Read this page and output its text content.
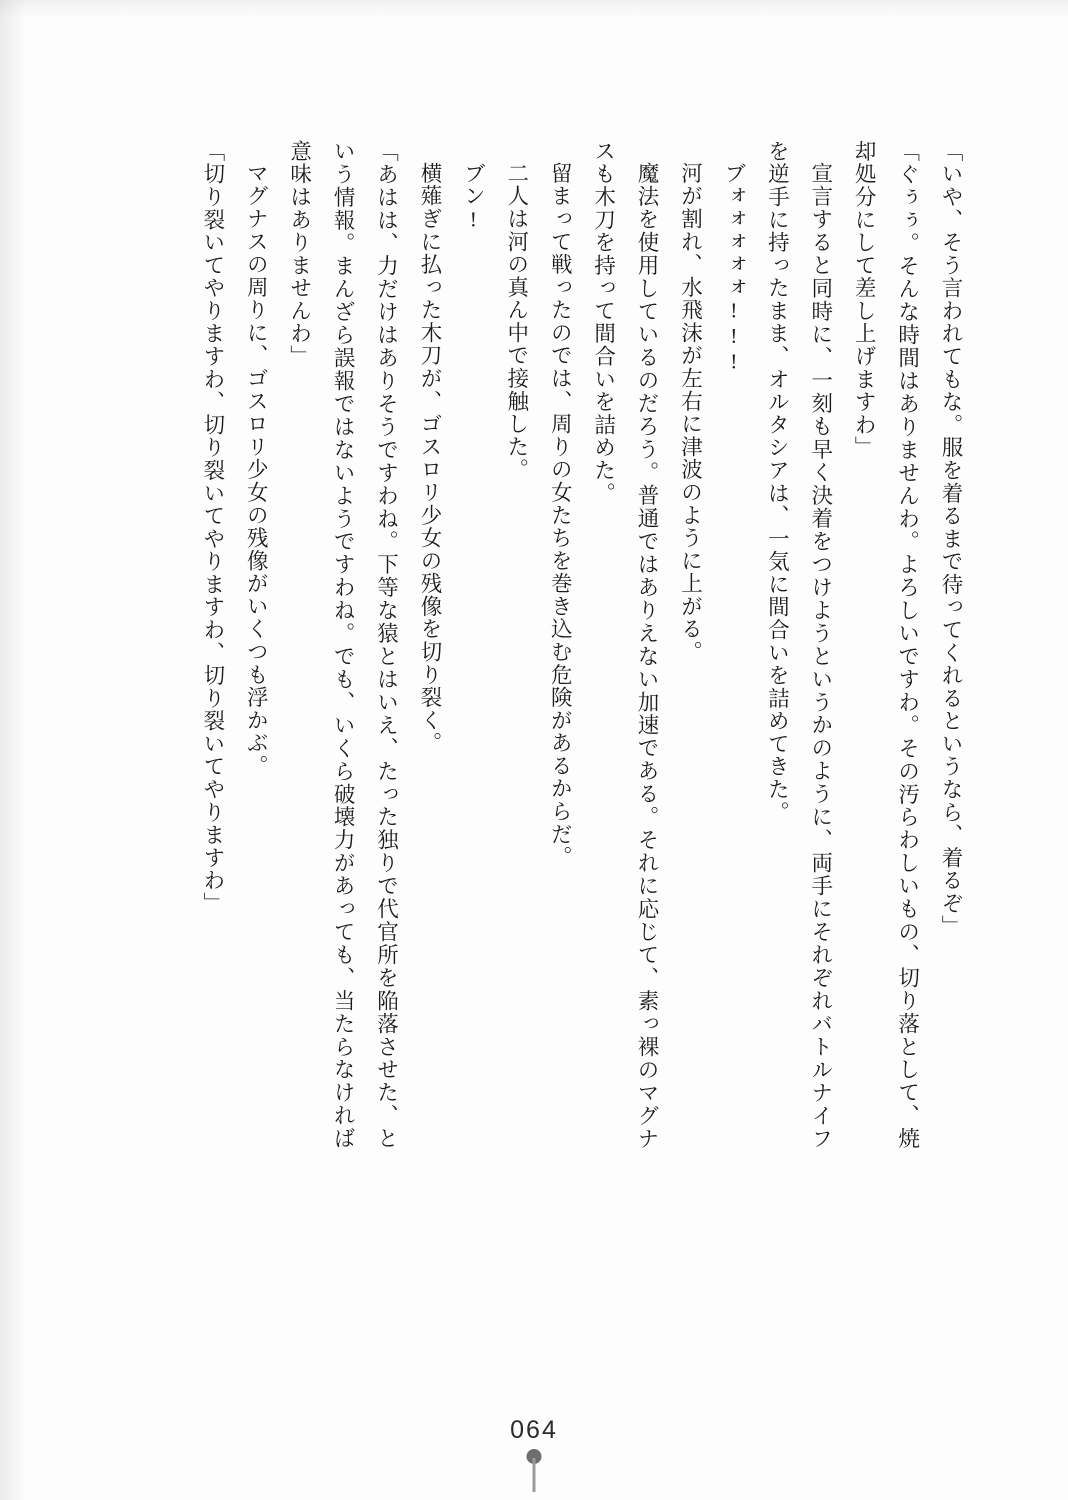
「いや、そう言われてもな。服を着るまで待ってくれるというなら、着るぞ」

「ぐぅぅ。そんな時間はありませんわ。よろしいですわ。その汚らわしいもの、切り落として、焼却処分にして差し上げますわ」

宣言すると同時に、一刻も早く決着をつけようというかのように、両手にそれぞれバトルナイフを逆手に持ったまま、オルタシアは、一気に間合いを詰めてきた。

ブォォォォォ!!!

河が割れ、水飛沫が左右に津波のように上がる。

魔法を使用しているのだろう。普通ではありえない加速である。それに応じて、素っ裸のマグナスも木刀を持って間合いを詰めた。

留まって戦ったのでは、周りの女たちを巻き込む危険があるからだ。

二人は河の真ん中で接触した。

ブン!

横薙ぎに払った木刀が、ゴスロリ少女の残像を切り裂く。

「あはは、力だけはありそうですわね。下等な猿とはいえ、たった独りで代官所を陥落させた、という情報。まんざら誤報ではないようですわね。でも、いくら破壊力があっても、当たらなければ意味はありませんわ」

マグナスの周りに、ゴスロリ少女の残像がいくつも浮かぶ。

「切り裂いてやりますわ、切り裂いてやりますわ、切り裂いてやりますわ」

064
